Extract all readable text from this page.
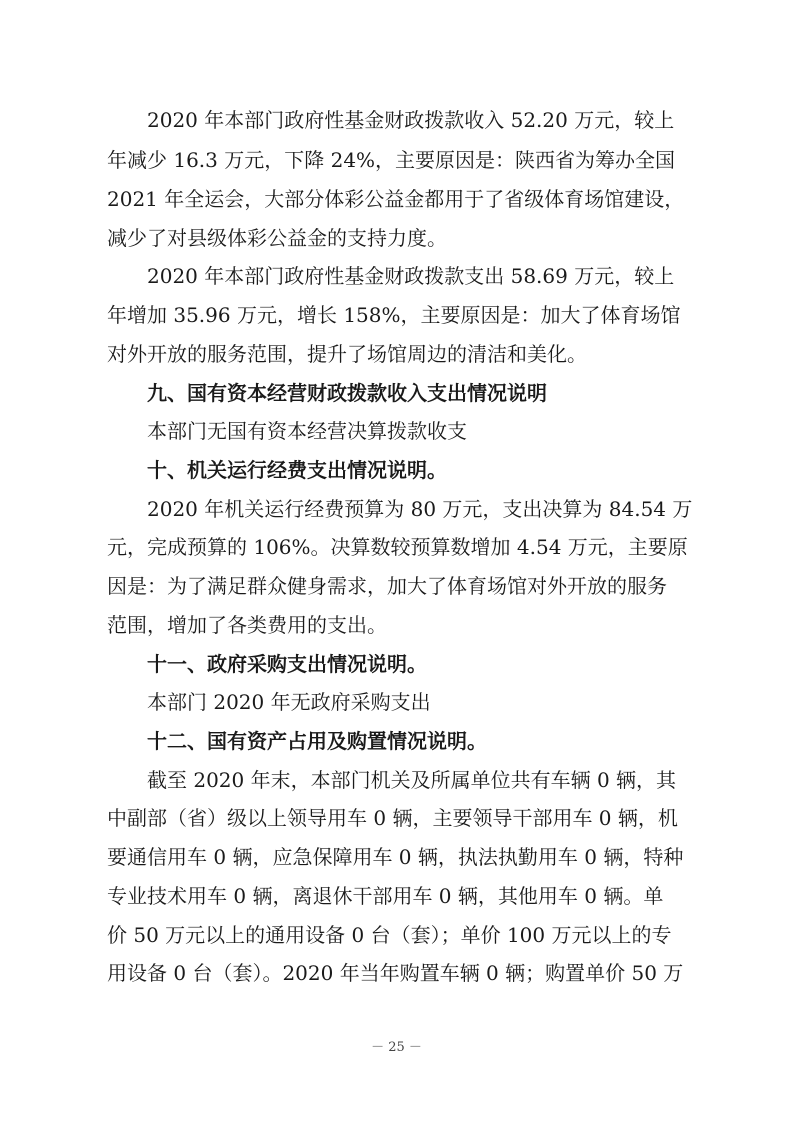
2020 年本部门政府性基金财政拨款收入 52.20 万元，较上
年减少 16.3 万元，下降 24%，主要原因是：陕西省为筹办全国
2021 年全运会，大部分体彩公益金都用于了省级体育场馆建设，
减少了对县级体彩公益金的支持力度。
2020 年本部门政府性基金财政拨款支出 58.69 万元，较上
年增加 35.96 万元，增长 158%，主要原因是：加大了体育场馆
对外开放的服务范围，提升了场馆周边的清洁和美化。
九、国有资本经营财政拨款收入支出情况说明
本部门无国有资本经营决算拨款收支
十、机关运行经费支出情况说明。
2020 年机关运行经费预算为 80 万元，支出决算为 84.54 万
元，完成预算的 106%。决算数较预算数增加 4.54 万元，主要原
因是：为了满足群众健身需求，加大了体育场馆对外开放的服务
范围，增加了各类费用的支出。
十一、政府采购支出情况说明。
本部门 2020 年无政府采购支出
十二、国有资产占用及购置情况说明。
截至 2020 年末，本部门机关及所属单位共有车辆 0 辆，其
中副部（省）级以上领导用车 0 辆，主要领导干部用车 0 辆，机
要通信用车 0 辆，应急保障用车 0 辆，执法执勤用车 0 辆，特种
专业技术用车 0 辆，离退休干部用车 0 辆，其他用车 0 辆。单
价 50 万元以上的通用设备 0 台（套）；单价 100 万元以上的专
用设备 0 台（套）。2020 年当年购置车辆 0 辆；购置单价 50 万
－ 25 －
